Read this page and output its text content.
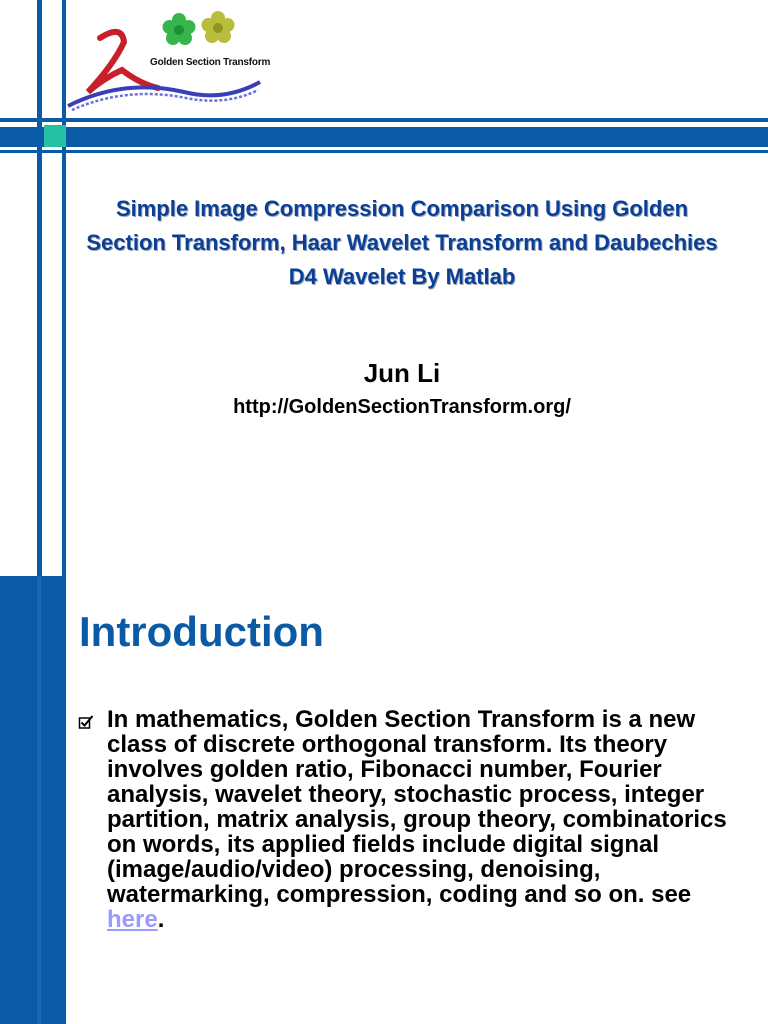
Golden Section Transform
Simple Image Compression Comparison Using Golden Section Transform, Haar Wavelet Transform and Daubechies D4 Wavelet By Matlab
Jun Li
http://GoldenSectionTransform.org/
Introduction
In mathematics, Golden Section Transform is a new class of discrete orthogonal transform. Its theory involves golden ratio, Fibonacci number, Fourier analysis, wavelet theory, stochastic process, integer partition, matrix analysis, group theory, combinatorics on words, its applied fields include digital signal (image/audio/video) processing, denoising, watermarking, compression, coding and so on. see here.
